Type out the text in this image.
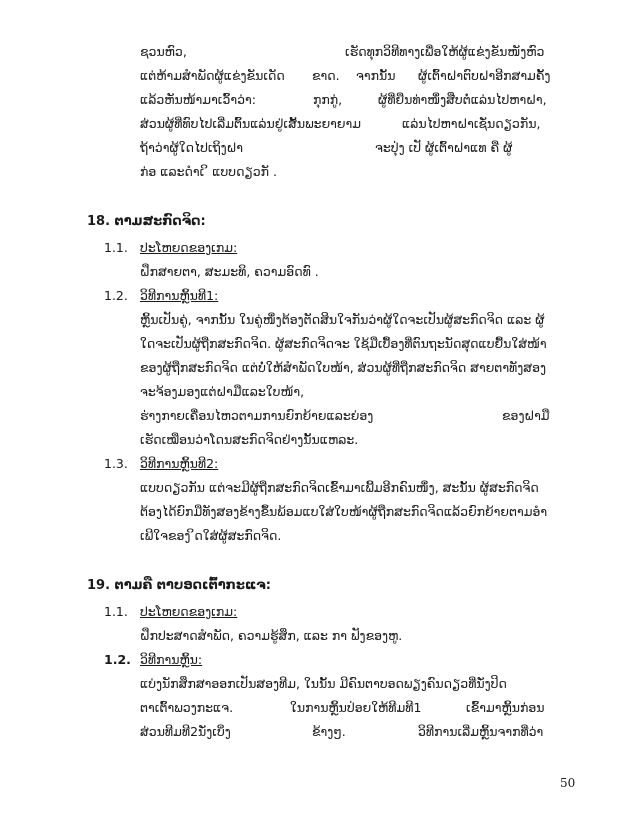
ຊວນຫົວ,	ເຮັດທຸກວິທີທາງເພື່ອໃຫ້ຜູ້ແຂ່ງຂັນໜັງຫົວ
ແຕ່ຫ້າມສຳພັດຜູ້ແຂ່ງຂັນເດັດ ຂາດ. ຈາກນັ້ນ ຜູ້ເຕົ້າຝາຕົບຝາອີກສາມຄັ້ງ
ແລ້ວຫັນໜ້າມາເວົ້າວ່າ:	ກຸກກູ່,	ຜູ້ທີ່ຍືນທ່າໜຶ່ງສືບຕໍ່ແລ່ນໄປຫາຝາ,
ສ່ວນຜູ້ທີ່ທົບໄປເລີ່ມຕົ້ນແລ່ນຢູ່ເສັ້ນພະຍາຍາມ	ແລ່ນໄປຫາຝາເຊັ່ນດຽວກັນ,
ຖ້າວ່າຜູ້ໃດໄປເຖິງຝາ	ຈະປຸ່ງ ເປັ ຜູ້ເຕົ້າຝາແທ ຄື ຜູ້
ກ່ອ ແລະດຳເ ິ ແບບດຽວກັ .
18. ຕາມສະກົດຈິດ:
1.1. ປະໂຫຍດຂອງເກມ:
ຝຶກສາຍຕາ, ສະມະທິ, ຄວາມອົດທົ .
1.2. ວິທີການຫຼິ້ນທີ1:
ຫຼິ້ນເປັນຄູ່, ຈາກນັ້ນ ໃນຄູ່ໜຶ່ງຕ້ອງຕັດສິນໃຈກັນວ່າຜູ້ໃດຈະເປັນຜູ້ສະກົດຈິດ ແລະ ຜູ້
ໃດຈະເປັນຜູ້ຖືກສະກົດຈິດ. ຜູ້ສະກົດຈິດຈະ ໃຊ້ມືເບື້ອງທີ່ຕົນຖະນັດສຸດແບຍື້ນໃສ່ໜ້າ
ຂອງຜູ້ຖືກສະກົດຈິດ ແຕ່ບໍ່ໃຫ້ສຳພັດໃບໜ້າ, ສ່ວນຜູ້ທີ່ຖືກສະກົດຈິດ ສາຍຕາທັງສອງ
ຈະຈ້ອງມອງແຕ່ຝາມືແລະໃບໜ້າ,
ຮ່າງກາຍເຄື່ອນໄຫວຕາມການຍົກຍ້າຍແລະຍ່ອງ	ຂອງຝາມື
ເຮັດເໝືອນວ່າໂດນສະກົດຈິດຢ່າງນັ້ນແຫລະ.
1.3. ວິທີການຫຼິ້ນທີ2:
ແບບດຽວກັນ ແຕ່ຈະມີຜູ້ຖືກສະກົດຈິດເຂົ້າມາເພີ້ມອີກຄົນໜຶ່ງ, ສະນັ້ນ ຜູ້ສະກົດຈິດ
ຕ້ອງໄດ້ຍົກມືທັງສອງຂ້າງຂຶ້ນພ້ອມແບໃສ່ໃບໜ້າຜູ້ຖືກສະກົດຈິດແລ້ວຍົກຍ້າຍຕາມອຳ
ເພີໃຈຂອງ ິດໃສ່ຜູ້ສະກົດຈິດ.
19. ຕາມຄື ຕາບອດເຕົ້າກະແຈ:
1.1. ປະໂຫຍດຂອງເກມ:
ຝຶກປະສາດສຳພັດ, ຄວາມຮູ້ສຶກ, ແລະ ກາ ຟັງຂອງຫູ.
1.2. ວິທີການຫຼິ້ນ:
ແບ່ງນັກສຶກສາອອກເປັນສອງທີມ, ໃນນັ້ນ ມີຄົນຕາບອດພຽງຄົນດຽວທີ່ນັ່ງປິດ
ຕາເຕົ້າພວງກະແຈ.	ໃນການຫຼິ້ນປ່ອຍໃຫ້ທີມທີ1	ເຂົ້າມາຫຼິ້ນກ່ອນ
ສ່ວນທີມທີ2ນັ່ງເບິ່ງ	ຂ້າງໆ.	ວິທີການເລີ່ມຫຼິ້ນຈາກທີ່ວ່າ
50
